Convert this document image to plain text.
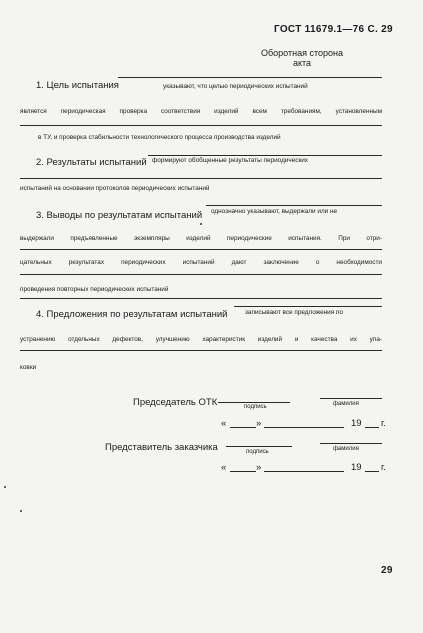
ГОСТ 11679.1—76 С. 29
Оборотная сторона
акта
1. Цель испытания	указывают, что целью периодических испытаний
является периодическая проверка соответствия изделий всем требованиям, установленным
в ТУ, и проверка стабильности технологического процесса производства изделий
2. Результаты испытаний формируют обобщенные результаты периодических
испытаний на основании протоколов периодических испытаний
3. Выводы по результатам испытаний однозначно указывают, выдержали или не
выдержали предъявленные экземпляры изделий периодические испытания. При отри-
цательных результатах периодических испытаний дают заключение о необходимости
проведения повторных периодических испытаний
4. Предложения по результатам испытаний	записывают все предложения по
устранению отдельных дефектов, улучшению характеристик изделий и качества их упа-
ковки
Председатель ОТК	подпись	фамилия
«	»	19 г.
Представитель заказчика	подпись	фамилия
«	»	19 г.
29
